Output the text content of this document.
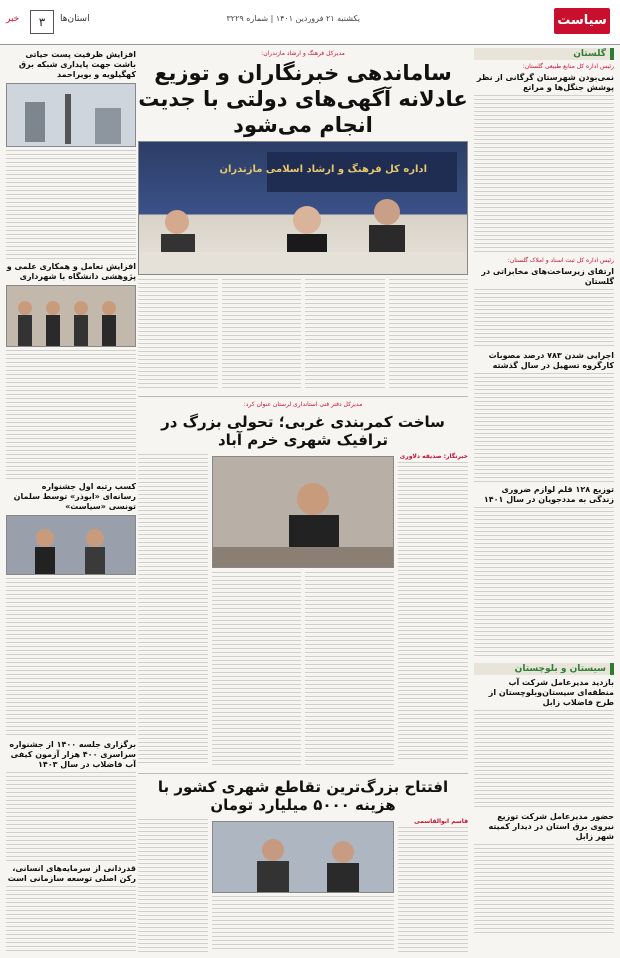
سیاست
یکشنبه ۲۱ فروردین ۱۴۰۱ | شماره ۳۲۲۹
خبر	۳	استان‌ها
گلستان
رئیس اداره کل منابع طبیعی گلستان:
نمی‌بودن شهرستان گرگانی از نظر پوشش جنگل‌ها و مراتع
رئیس اداره کل ثبت اسناد و املاک گلستان:
ارتقای زیرساخت‌های مخابراتی در گلستان
اجرایی شدن ۷۸۳ درصد مصوبات کارگروه تسهیل در سال گذشته
توزیع ۱۲۸ قلم لوازم ضروری زندگی به مددجویان در سال ۱۴۰۱
سیستان و بلوچستان
بازدید مدیرعامل شرکت آب منطقه‌ای سیستان‌وبلوچستان از طرح فاضلاب زابل
حضور مدیرعامل شرکت توزیع نیروی برق استان در دیدار کمیته شهر زابل
مدیرکل فرهنگ و ارشاد مازندران:
ساماندهی خبرنگاران و توزیع عادلانه آگهی‌های دولتی با جدیت انجام می‌شود
اداره کل فرهنگ و ارشاد اسلامی مازندران
مدیرکل دفتر فنی استانداری لرستان عنوان کرد:
ساخت کمربندی غربی؛ تحولی بزرگ در ترافیک شهری خرم آباد
خبرنگار: صدیقه دلاوری
افتتاح بزرگ‌ترین تقاطع شهری کشور با هزینه ۵۰۰۰ میلیارد تومان
قاسم ابوالقاسمی
افزایش ظرفیت پست حیاتی باشت جهت پایداری شبکه برق کهگیلویه و بویراحمد
افزایش تعامل و همکاری علمی و پژوهشی دانشگاه با شهرداری
کسب رتبه اول جشنواره رسانه‌ای «ابوذر» توسط سلمان تونسی «سیاست»
برگزاری جلسه ۱۴۰۰ از جشنواره سراسری ۴۰۰ هزار آزمون کیفی آب فاضلاب در سال ۱۴۰۳
قدردانی از سرمایه‌های انسانی، رکن اصلی توسعه سازمانی است
